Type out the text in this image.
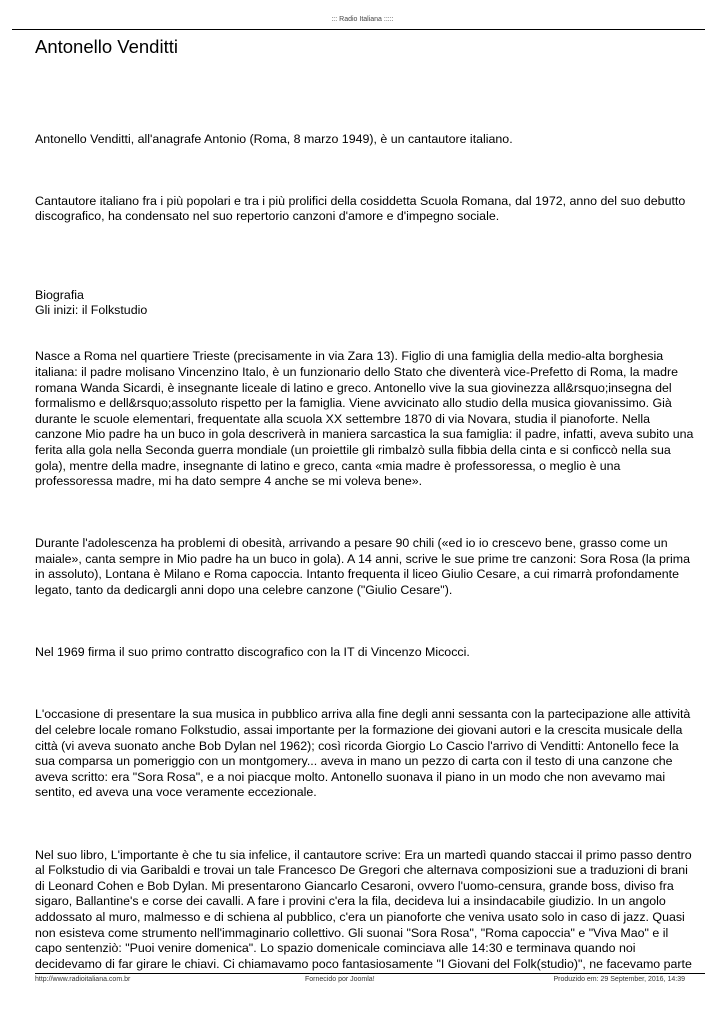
::: Radio Italiana :::::
Antonello Venditti

Antonello Venditti, all'anagrafe Antonio (Roma, 8 marzo 1949), è un cantautore italiano.

Cantautore italiano fra i più popolari e tra i più prolifici della cosiddetta Scuola Romana, dal 1972, anno del suo debutto discografico, ha condensato nel suo repertorio canzoni d'amore e d'impegno sociale.

Biografia
Gli inizi: il Folkstudio

Nasce a Roma nel quartiere Trieste (precisamente in via Zara 13). Figlio di una famiglia della medio-alta borghesia italiana: il padre molisano Vincenzino Italo, è un funzionario dello Stato che diventerà vice-Prefetto di Roma, la madre romana Wanda Sicardi, è insegnante liceale di latino e greco. Antonello vive la sua giovinezza all&rsquo;insegna del formalismo e dell&rsquo;assoluto rispetto per la famiglia. Viene avvicinato allo studio della musica giovanissimo. Già durante le scuole elementari, frequentate alla scuola XX settembre 1870 di via Novara, studia il pianoforte. Nella canzone Mio padre ha un buco in gola descriverà in maniera sarcastica la sua famiglia: il padre, infatti, aveva subito una ferita alla gola nella Seconda guerra mondiale (un proiettile gli rimbalzò sulla fibbia della cinta e si conficcò nella sua gola), mentre della madre, insegnante di latino e greco, canta «mia madre è professoressa, o meglio è una professoressa madre, mi ha dato sempre 4 anche se mi voleva bene».

Durante l'adolescenza ha problemi di obesità, arrivando a pesare 90 chili («ed io io crescevo bene, grasso come un maiale», canta sempre in Mio padre ha un buco in gola). A 14 anni, scrive le sue prime tre canzoni: Sora Rosa (la prima in assoluto), Lontana è Milano e Roma capoccia. Intanto frequenta il liceo Giulio Cesare, a cui rimarrà profondamente legato, tanto da dedicargli anni dopo una celebre canzone ("Giulio Cesare").

Nel 1969 firma il suo primo contratto discografico con la IT di Vincenzo Micocci.

L'occasione di presentare la sua musica in pubblico arriva alla fine degli anni sessanta con la partecipazione alle attività del celebre locale romano Folkstudio, assai importante per la formazione dei giovani autori e la crescita musicale della città (vi aveva suonato anche Bob Dylan nel 1962); così ricorda Giorgio Lo Cascio l'arrivo di Venditti: Antonello fece la sua comparsa un pomeriggio con un montgomery... aveva in mano un pezzo di carta con il testo di una canzone che aveva scritto: era "Sora Rosa", e a noi piacque molto. Antonello suonava il piano in un modo che non avevamo mai sentito, ed aveva una voce veramente eccezionale.

Nel suo libro, L'importante è che tu sia infelice, il cantautore scrive: Era un martedì quando staccai il primo passo dentro al Folkstudio di via Garibaldi e trovai un tale Francesco De Gregori che alternava composizioni sue a traduzioni di brani di Leonard Cohen e Bob Dylan. Mi presentarono Giancarlo Cesaroni, ovvero l'uomo-censura, grande boss, diviso fra sigaro, Ballantine's e corse dei cavalli. A fare i provini c'era la fila, decideva lui a insindacabile giudizio. In un angolo addossato al muro, malmesso e di schiena al pubblico, c'era un pianoforte che veniva usato solo in caso di jazz. Quasi non esisteva come strumento nell'immaginario collettivo. Gli suonai "Sora Rosa", "Roma capoccia" e "Viva Mao" e il capo sentenziò: "Puoi venire domenica". Lo spazio domenicale cominciava alle 14:30 e terminava quando noi decidevamo di far girare le chiavi. Ci chiamavamo poco fantasiosamente "I Giovani del Folk(studio)", ne facevamo parte

http://www.radioitaliana.com.br	Fornecido por Joomla!	Produzido em: 29 September, 2016, 14:39
